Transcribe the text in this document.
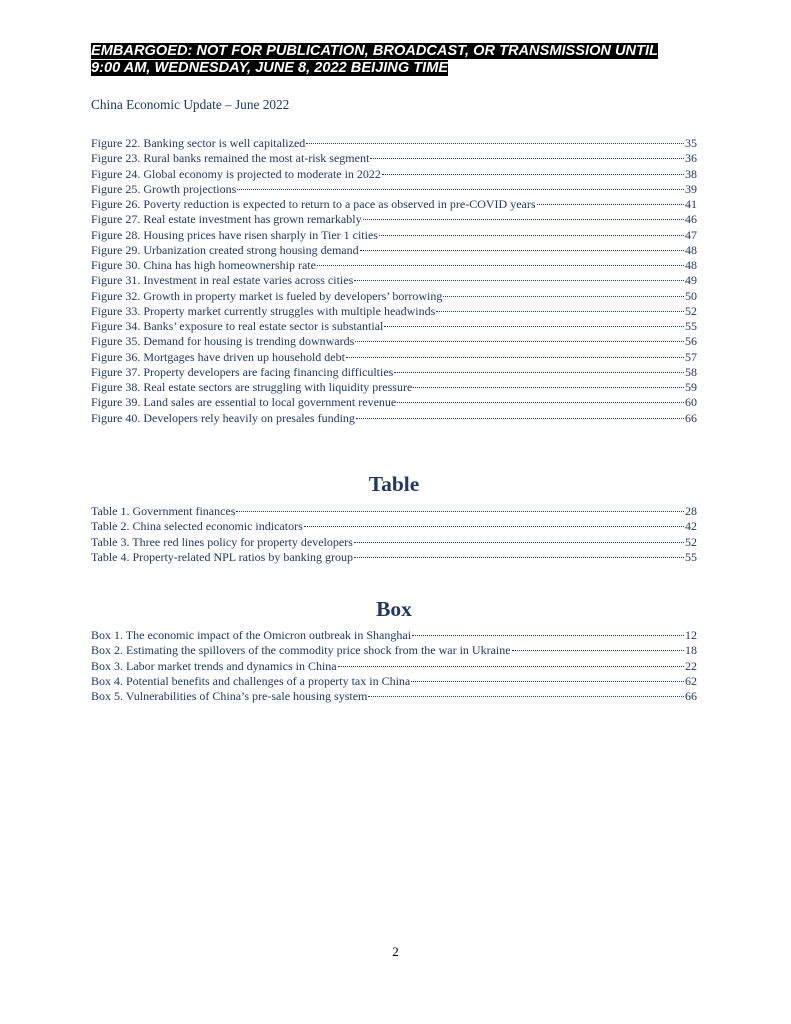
EMBARGOED: NOT FOR PUBLICATION, BROADCAST, OR TRANSMISSION UNTIL
9:00 AM, WEDNESDAY, JUNE 8, 2022 BEIJING TIME
China Economic Update – June 2022
Figure 22. Banking sector is well capitalized	35
Figure 23. Rural banks remained the most at-risk segment	36
Figure 24. Global economy is projected to moderate in 2022	38
Figure 25. Growth projections	39
Figure 26. Poverty reduction is expected to return to a pace as observed in pre-COVID years	41
Figure 27. Real estate investment has grown remarkably	46
Figure 28. Housing prices have risen sharply in Tier 1 cities	47
Figure 29. Urbanization created strong housing demand	48
Figure 30. China has high homeownership rate	48
Figure 31. Investment in real estate varies across cities	49
Figure 32. Growth in property market is fueled by developers’ borrowing	50
Figure 33. Property market currently struggles with multiple headwinds	52
Figure 34. Banks’ exposure to real estate sector is substantial	55
Figure 35. Demand for housing is trending downwards	56
Figure 36. Mortgages have driven up household debt	57
Figure 37. Property developers are facing financing difficulties	58
Figure 38. Real estate sectors are struggling with liquidity pressure	59
Figure 39. Land sales are essential to local government revenue	60
Figure 40. Developers rely heavily on presales funding	66
Table
Table 1. Government finances	28
Table 2. China selected economic indicators	42
Table 3. Three red lines policy for property developers	52
Table 4. Property-related NPL ratios by banking group	55
Box
Box 1. The economic impact of the Omicron outbreak in Shanghai	12
Box 2. Estimating the spillovers of the commodity price shock from the war in Ukraine	18
Box 3. Labor market trends and dynamics in China	22
Box 4. Potential benefits and challenges of a property tax in China	62
Box 5. Vulnerabilities of China’s pre-sale housing system	66
2
